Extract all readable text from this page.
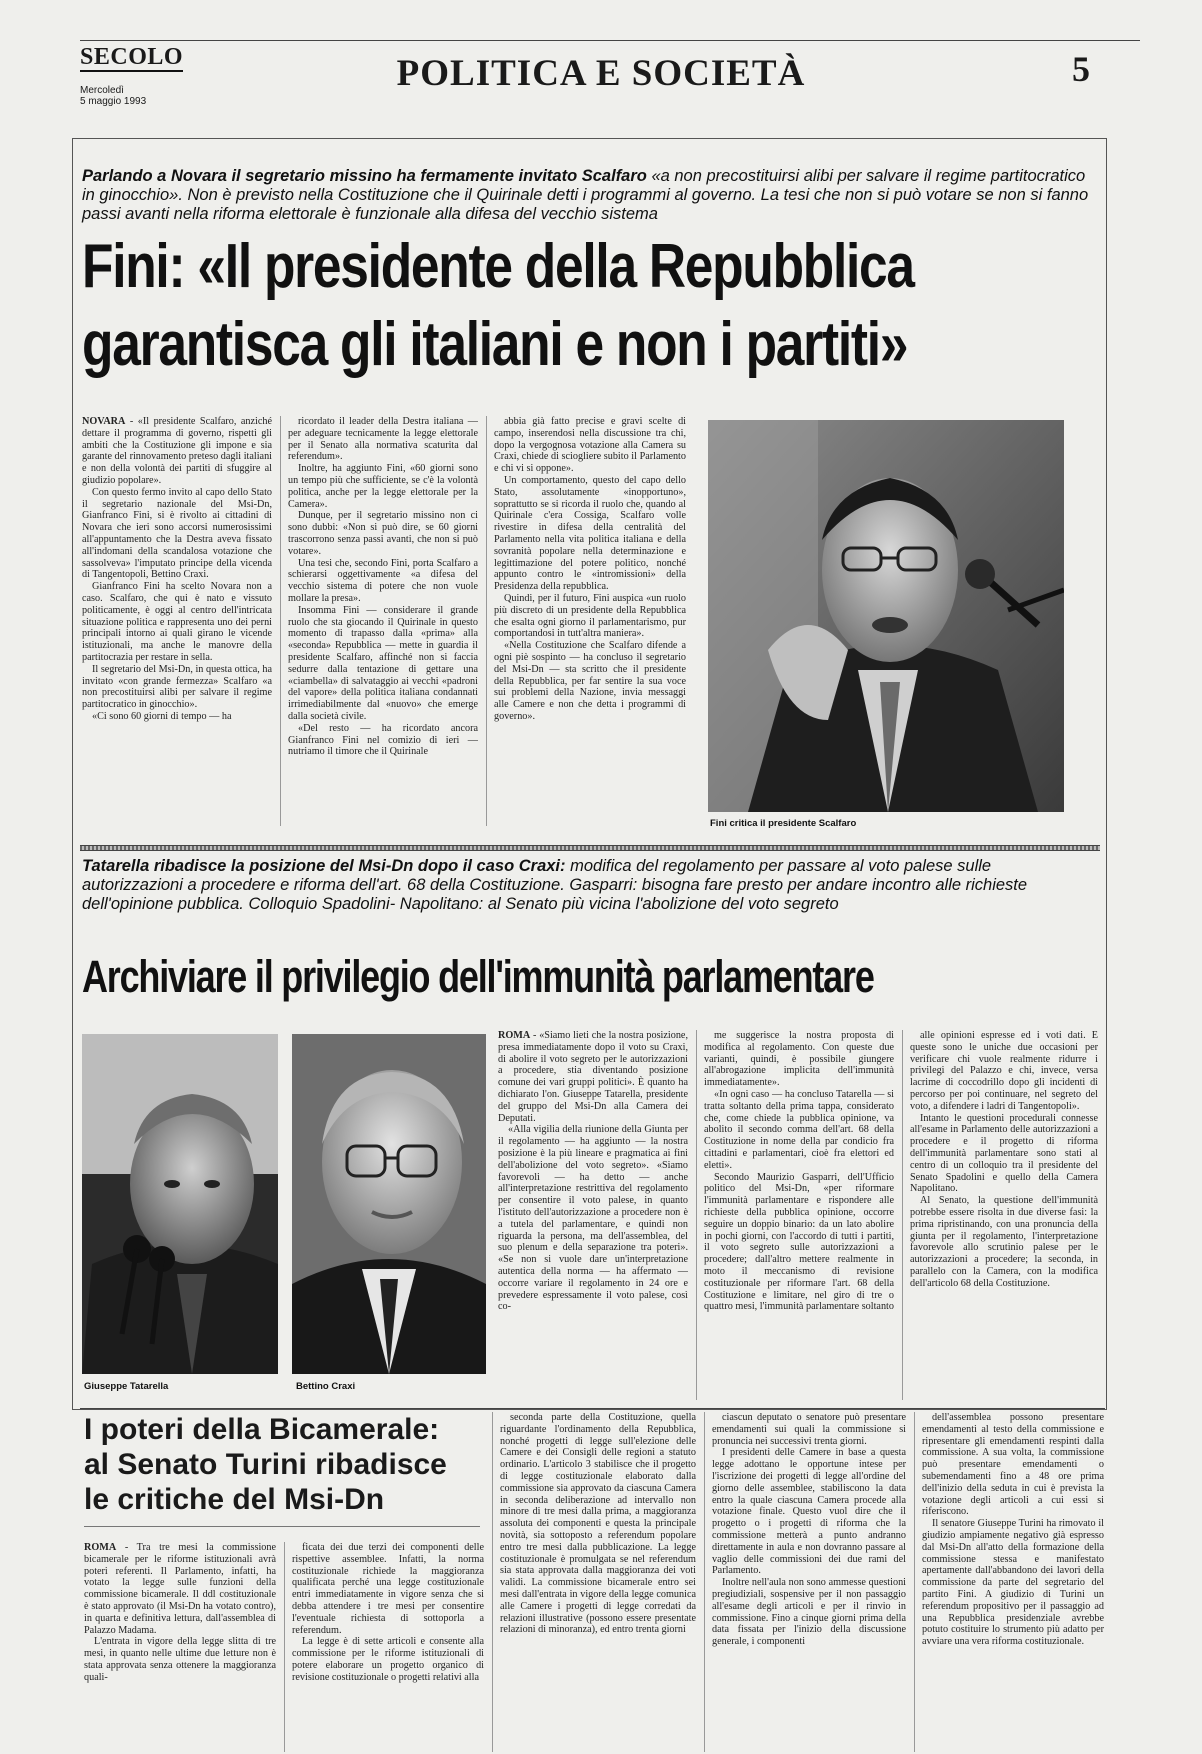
SECOLO
Mercoledì
5 maggio 1993
POLITICA E SOCIETÀ	5
Parlando a Novara il segretario missino ha fermamente invitato Scalfaro «a non precostituirsi alibi per salvare il regime partitocratico in ginocchio». Non è previsto nella Costituzione che il Quirinale detti i programmi al governo. La tesi che non si può votare se non si fanno passi avanti nella riforma elettorale è funzionale alla difesa del vecchio sistema
Fini: «Il presidente della Repubblica
garantisca gli italiani e non i partiti»

NOVARA - «Il presidente Scalfaro, anziché dettare il programma di governo, rispetti gli ambiti che la Costituzione gli impone e sia garante del rinnovamento preteso dagli italiani e non della volontà dei partiti di sfuggire al giudizio popolare».

Con questo fermo invito al capo dello Stato il segretario nazionale del Msi-Dn, Gianfranco Fini, si è rivolto ai cittadini di Novara che ieri sono accorsi numerosissimi all'appuntamento che la Destra aveva fissato all'indomani della scandalosa votazione che sassolveva» l'imputato principe della vicenda di Tangentopoli, Bettino Craxi.

Gianfranco Fini ha scelto Novara non a caso. Scalfaro, che qui è nato e vissuto politicamente, è oggi al centro dell'intricata situazione politica e rappresenta uno dei perni principali intorno ai quali girano le vicende istituzionali, ma anche le manovre della partitocrazia per restare in sella.

Il segretario del Msi-Dn, in questa ottica, ha invitato «con grande fermezza» Scalfaro «a non precostituirsi alibi per salvare il regime partitocratico in ginocchio».

«Ci sono 60 giorni di tempo — ha

ricordato il leader della Destra italiana — per adeguare tecnicamente la legge elettorale per il Senato alla normativa scaturita dal referendum».

Inoltre, ha aggiunto Fini, «60 giorni sono un tempo più che sufficiente, se c'è la volontà politica, anche per la legge elettorale per la Camera».

Dunque, per il segretario missino non ci sono dubbi: «Non si può dire, se 60 giorni trascorrono senza passi avanti, che non si può votare».

Una tesi che, secondo Fini, porta Scalfaro a schierarsi oggettivamente «a difesa del vecchio sistema di potere che non vuole mollare la presa».

Insomma Fini — considerare il grande ruolo che sta giocando il Quirinale in questo momento di trapasso dalla «prima» alla «seconda» Repubblica — mette in guardia il presidente Scalfaro, affinché non si faccia sedurre dalla tentazione di gettare una «ciambella» di salvataggio ai vecchi «padroni del vapore» della politica italiana condannati irrimediabilmente dal «nuovo» che emerge dalla società civile.

«Del resto — ha ricordato ancora Gianfranco Fini nel comizio di ieri — nutriamo il timore che il Quirinale

abbia già fatto precise e gravi scelte di campo, inserendosi nella discussione tra chi, dopo la vergognosa votazione alla Camera su Craxi, chiede di sciogliere subito il Parlamento e chi vi si oppone».

Un comportamento, questo del capo dello Stato, assolutamente «inopportuno», soprattutto se si ricorda il ruolo che, quando al Quirinale c'era Cossiga, Scalfaro volle rivestire in difesa della centralità del Parlamento nella vita politica italiana e della sovranità popolare nella determinazione e legittimazione del potere politico, nonché appunto contro le «intromissioni» della Presidenza della repubblica.

Quindi, per il futuro, Fini auspica «un ruolo più discreto di un presidente della Repubblica che esalta ogni giorno il parlamentarismo, pur comportandosi in tutt'altra maniera».

«Nella Costituzione che Scalfaro difende a ogni piè sospinto — ha concluso il segretario del Msi-Dn — sta scritto che il presidente della Repubblica, per far sentire la sua voce sui problemi della Nazione, invia messaggi alle Camere e non che detta i programmi di governo».

Fini critica il presidente Scalfaro
Tatarella ribadisce la posizione del Msi-Dn dopo il caso Craxi: modifica del regolamento per passare al voto palese sulle autorizzazioni a procedere e riforma dell'art. 68 della Costituzione. Gasparri: bisogna fare presto per andare incontro alle richieste dell'opinione pubblica. Colloquio Spadolini- Napolitano: al Senato più vicina l'abolizione del voto segreto
Archiviare il privilegio dell'immunità parlamentare
Giuseppe Tatarella	Bettino Craxi

ROMA - «Siamo lieti che la nostra posizione, presa immediatamente dopo il voto su Craxi, di abolire il voto segreto per le autorizzazioni a procedere, stia diventando posizione comune dei vari gruppi politici». È quanto ha dichiarato l'on. Giuseppe Tatarella, presidente del gruppo del Msi-Dn alla Camera dei Deputati.

«Alla vigilia della riunione della Giunta per il regolamento — ha aggiunto — la nostra posizione è la più lineare e pragmatica ai fini dell'abolizione del voto segreto». «Siamo favorevoli — ha detto — anche all'interpretazione restrittiva del regolamento per consentire il voto palese, in quanto l'istituto dell'autorizzazione a procedere non è a tutela del parlamentare, e quindi non riguarda la persona, ma dell'assemblea, del suo plenum e della separazione tra poteri». «Se non si vuole dare un'interpretazione autentica della norma — ha affermato — occorre variare il regolamento in 24 ore e prevedere espressamente il voto palese, così co-

me suggerisce la nostra proposta di modifica al regolamento. Con queste due varianti, quindi, è possibile giungere all'abrogazione implicita dell'immunità immediatamente».

«In ogni caso — ha concluso Tatarella — si tratta soltanto della prima tappa, considerato che, come chiede la pubblica opinione, va abolito il secondo comma dell'art. 68 della Costituzione in nome della par condicio fra cittadini e parlamentari, cioè fra elettori ed eletti».

Secondo Maurizio Gasparri, dell'Ufficio politico del Msi-Dn, «per riformare l'immunità parlamentare e rispondere alle richieste della pubblica opinione, occorre seguire un doppio binario: da un lato abolire in pochi giorni, con l'accordo di tutti i partiti, il voto segreto sulle autorizzazioni a procedere; dall'altro mettere realmente in moto il meccanismo di revisione costituzionale per riformare l'art. 68 della Costituzione e limitare, nel giro di tre o quattro mesi, l'immunità parlamentare soltanto

alle opinioni espresse ed i voti dati. E queste sono le uniche due occasioni per verificare chi vuole realmente ridurre i privilegi del Palazzo e chi, invece, versa lacrime di coccodrillo dopo gli incidenti di percorso per poi continuare, nel segreto del voto, a difendere i ladri di Tangentopoli».

Intanto le questioni procedurali connesse all'esame in Parlamento delle autorizzazioni a procedere e il progetto di riforma dell'immunità parlamentare sono stati al centro di un colloquio tra il presidente del Senato Spadolini e quello della Camera Napolitano.

Al Senato, la questione dell'immunità potrebbe essere risolta in due diverse fasi: la prima ripristinando, con una pronuncia della giunta per il regolamento, l'interpretazione favorevole allo scrutinio palese per le autorizzazioni a procedere; la seconda, in parallelo con la Camera, con la modifica dell'articolo 68 della Costituzione.

I poteri della Bicamerale:
al Senato Turini ribadisce
le critiche del Msi-Dn

ROMA - Tra tre mesi la commissione bicamerale per le riforme istituzionali avrà poteri referenti. Il Parlamento, infatti, ha votato la legge sulle funzioni della commissione bicamerale. Il ddl costituzionale è stato approvato (il Msi-Dn ha votato contro), in quarta e definitiva lettura, dall'assemblea di Palazzo Madama.

L'entrata in vigore della legge slitta di tre mesi, in quanto nelle ultime due letture non è stata approvata senza ottenere la maggioranza quali-

ficata dei due terzi dei componenti delle rispettive assemblee. Infatti, la norma costituzionale richiede la maggioranza qualificata perché una legge costituzionale entri immediatamente in vigore senza che si debba attendere i tre mesi per consentire l'eventuale richiesta di sottoporla a referendum.

La legge è di sette articoli e consente alla commissione per le riforme istituzionali di potere elaborare un progetto organico di revisione costituzionale o progetti relativi alla

seconda parte della Costituzione, quella riguardante l'ordinamento della Repubblica, nonché progetti di legge sull'elezione delle Camere e dei Consigli delle regioni a statuto ordinario. L'articolo 3 stabilisce che il progetto di legge costituzionale elaborato dalla commissione sia approvato da ciascuna Camera in seconda deliberazione ad intervallo non minore di tre mesi dalla prima, a maggioranza assoluta dei componenti e questa la principale novità, sia sottoposto a referendum popolare entro tre mesi dalla pubblicazione. La legge costituzionale è promulgata se nel referendum sia stata approvata dalla maggioranza dei voti validi. La commissione bicamerale entro sei mesi dall'entrata in vigore della legge comunica alle Camere i progetti di legge corredati da relazioni illustrative (possono essere presentate relazioni di minoranza), ed entro trenta giorni

ciascun deputato o senatore può presentare emendamenti sui quali la commissione si pronuncia nei successivi trenta giorni.

I presidenti delle Camere in base a questa legge adottano le opportune intese per l'iscrizione dei progetti di legge all'ordine del giorno delle assemblee, stabiliscono la data entro la quale ciascuna Camera procede alla votazione finale. Questo vuol dire che il progetto o i progetti di riforma che la commissione metterà a punto andranno direttamente in aula e non dovranno passare al vaglio delle commissioni dei due rami del Parlamento.

Inoltre nell'aula non sono ammesse questioni pregiudiziali, sospensive per il non passaggio all'esame degli articoli e per il rinvio in commissione. Fino a cinque giorni prima della data fissata per l'inizio della discussione generale, i componenti

dell'assemblea possono presentare emendamenti al testo della commissione e ripresentare gli emendamenti respinti dalla commissione. A sua volta, la commissione può presentare emendamenti o subemendamenti fino a 48 ore prima dell'inizio della seduta in cui è prevista la votazione degli articoli a cui essi si riferiscono.

Il senatore Giuseppe Turini ha rimovato il giudizio ampiamente negativo già espresso dal Msi-Dn all'atto della formazione della commissione stessa e manifestato apertamente dall'abbandono dei lavori della commissione da parte del segretario del partito Fini. A giudizio di Turini un referendum propositivo per il passaggio ad una Repubblica presidenziale avrebbe potuto costituire lo strumento più adatto per avviare una vera riforma costituzionale.
